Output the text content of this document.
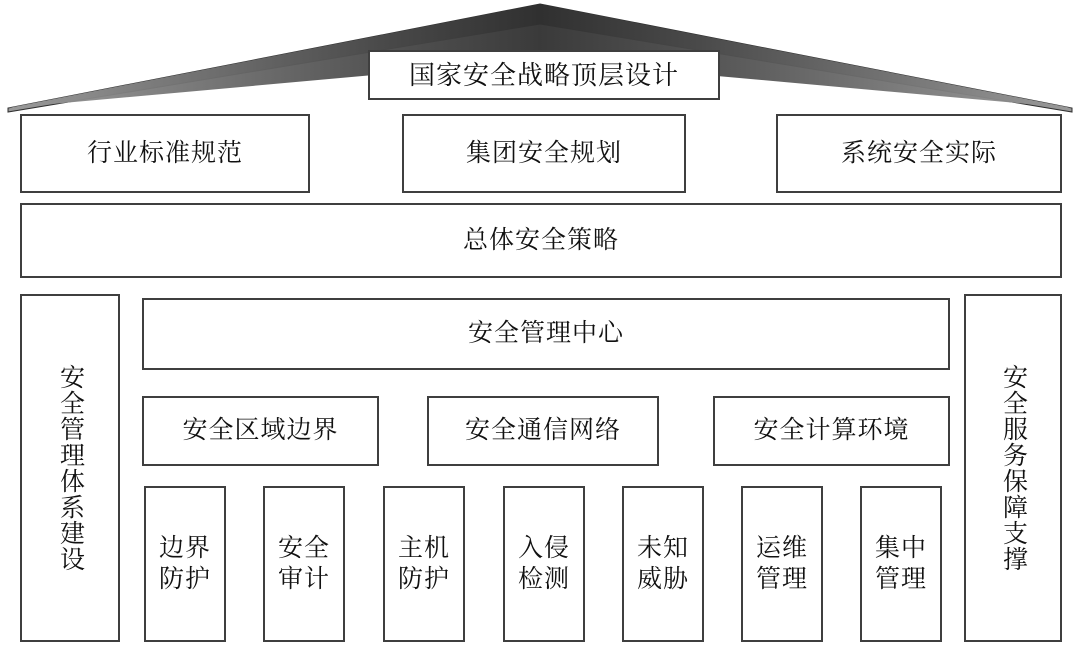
国家安全战略顶层设计
行业标准规范	集团安全规划	系统安全实际
总体安全策略
安全管理体系建设	安全服务保障支撑
安全管理中心
安全区域边界	安全通信网络	安全计算环境
边界
防护
安全
审计
主机
防护
入侵
检测
未知
威胁
运维
管理
集中
管理
